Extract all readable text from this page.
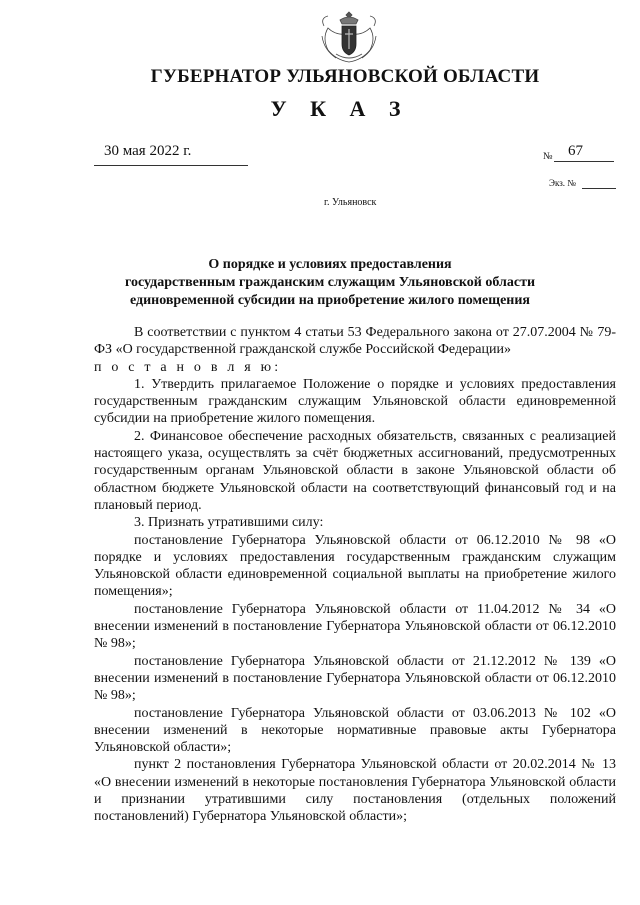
ГУБЕРНАТОР УЛЬЯНОВСКОЙ ОБЛАСТИ
У К А З
30 мая 2022 г.	№ 67
Экз. №
г. Ульяновск
О порядке и условиях предоставления
государственным гражданским служащим Ульяновской области
единовременной субсидии на приобретение жилого помещения

В соответствии с пунктом 4 статьи 53 Федерального закона от 27.07.2004 № 79-ФЗ «О государственной гражданской службе Российской Федерации»

п о с т а н о в л я ю:

1. Утвердить прилагаемое Положение о порядке и условиях предоставления государственным гражданским служащим Ульяновской области единовременной субсидии на приобретение жилого помещения.

2. Финансовое обеспечение расходных обязательств, связанных с реализацией настоящего указа, осуществлять за счёт бюджетных ассигнований, предусмотренных государственным органам Ульяновской области в законе Ульяновской области об областном бюджете Ульяновской области на соответствующий финансовый год и на плановый период.

3. Признать утратившими силу:

постановление Губернатора Ульяновской области от 06.12.2010 № 98 «О порядке и условиях предоставления государственным гражданским служащим Ульяновской области единовременной социальной выплаты на приобретение жилого помещения»;

постановление Губернатора Ульяновской области от 11.04.2012 № 34 «О внесении изменений в постановление Губернатора Ульяновской области от 06.12.2010 № 98»;

постановление Губернатора Ульяновской области от 21.12.2012 № 139 «О внесении изменений в постановление Губернатора Ульяновской области от 06.12.2010 № 98»;

постановление Губернатора Ульяновской области от 03.06.2013 № 102 «О внесении изменений в некоторые нормативные правовые акты Губернатора Ульяновской области»;

пункт 2 постановления Губернатора Ульяновской области от 20.02.2014 № 13 «О внесении изменений в некоторые постановления Губернатора Ульяновской области и признании утратившими силу постановления (отдельных положений постановлений) Губернатора Ульяновской области»;
